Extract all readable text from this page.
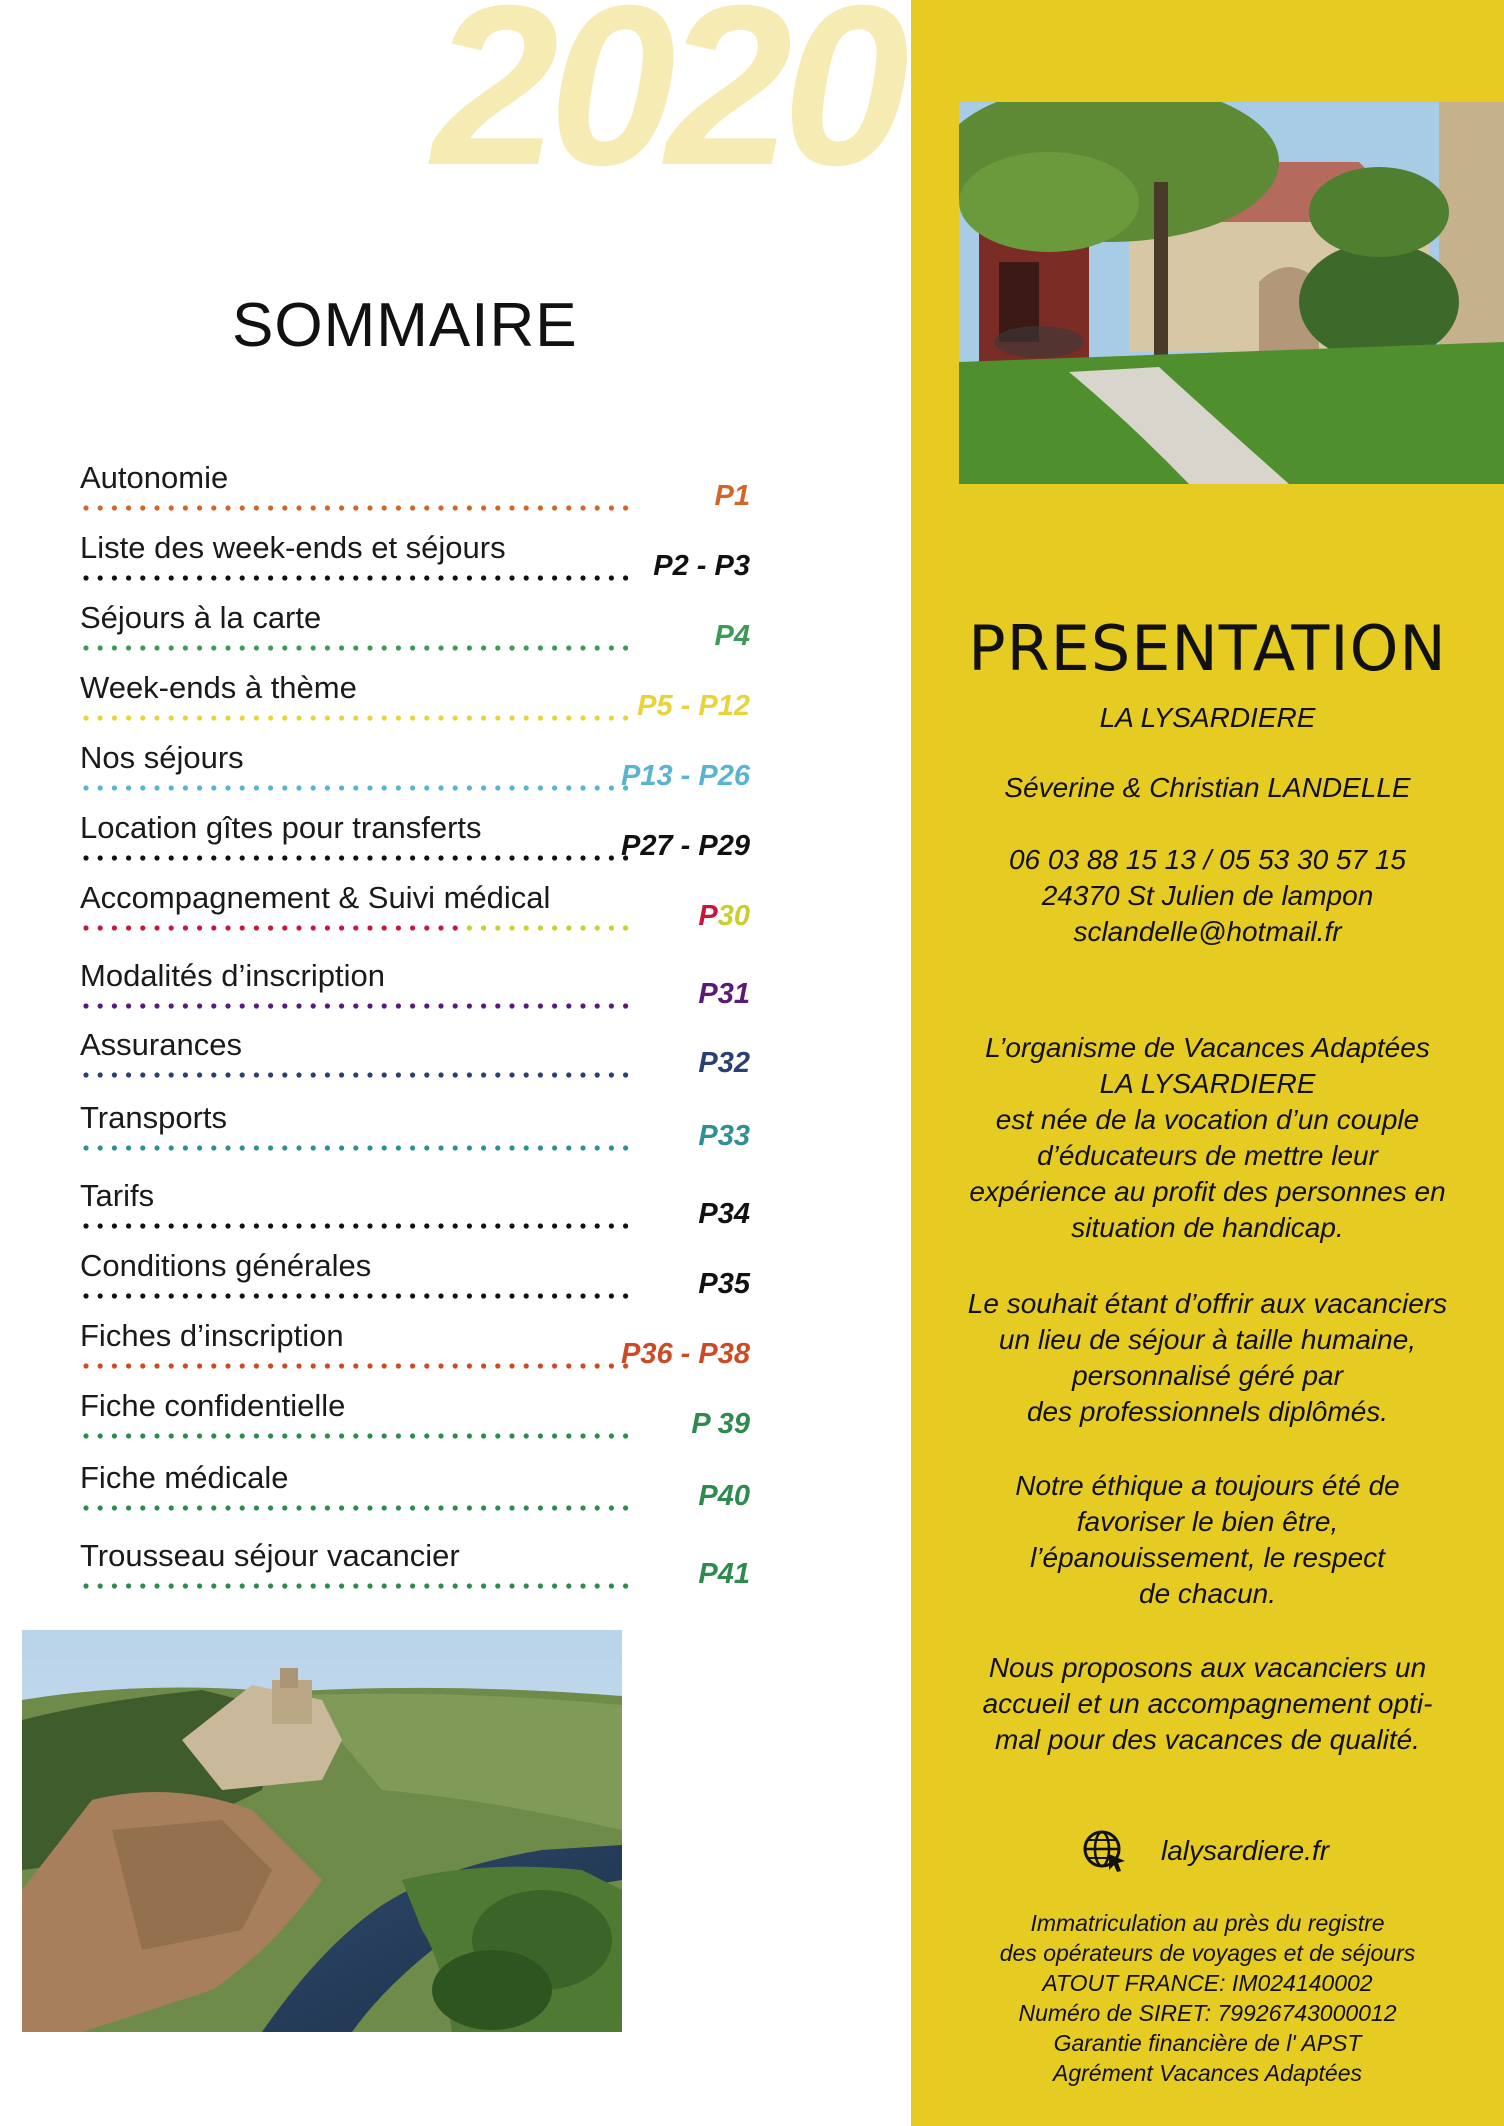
2020
SOMMAIRE
Autonomie
P1
Liste des week-ends et séjours
P2 - P3
Séjours à la carte
P4
Week-ends à thème
P5 - P12
Nos séjours
P13 - P26
Location gîtes pour transferts
P27 - P29
Accompagnement & Suivi médical
P30
Modalités d’inscription
P31
Assurances
P32
Transports
P33
Tarifs
P34
Conditions générales
P35
Fiches d’inscription
P36 - P38
Fiche confidentielle
P 39
Fiche médicale
P40
Trousseau séjour vacancier
P41
PRESENTATION
LA LYSARDIERE
Séverine & Christian LANDELLE
06 03 88 15 13 / 05 53 30 57 15
24370 St Julien de lampon
sclandelle@hotmail.fr
L’organisme de Vacances Adaptées
LA LYSARDIERE
est née de la vocation d’un couple
d’éducateurs de mettre leur
expérience au profit des personnes en
situation de handicap.
Le souhait étant d’offrir aux vacanciers
un lieu de séjour à taille humaine,
personnalisé géré par
des professionnels diplômés.
Notre éthique a toujours été de
favoriser le bien être,
l’épanouissement, le respect
de chacun.
Nous proposons aux vacanciers un
accueil et un accompagnement opti-
mal pour des vacances de qualité.
lalysardiere.fr
Immatriculation au près du registre
des opérateurs de voyages et de séjours
ATOUT FRANCE: IM024140002
Numéro de SIRET: 79926743000012
Garantie financière de l' APST
Agrément Vacances Adaptées
